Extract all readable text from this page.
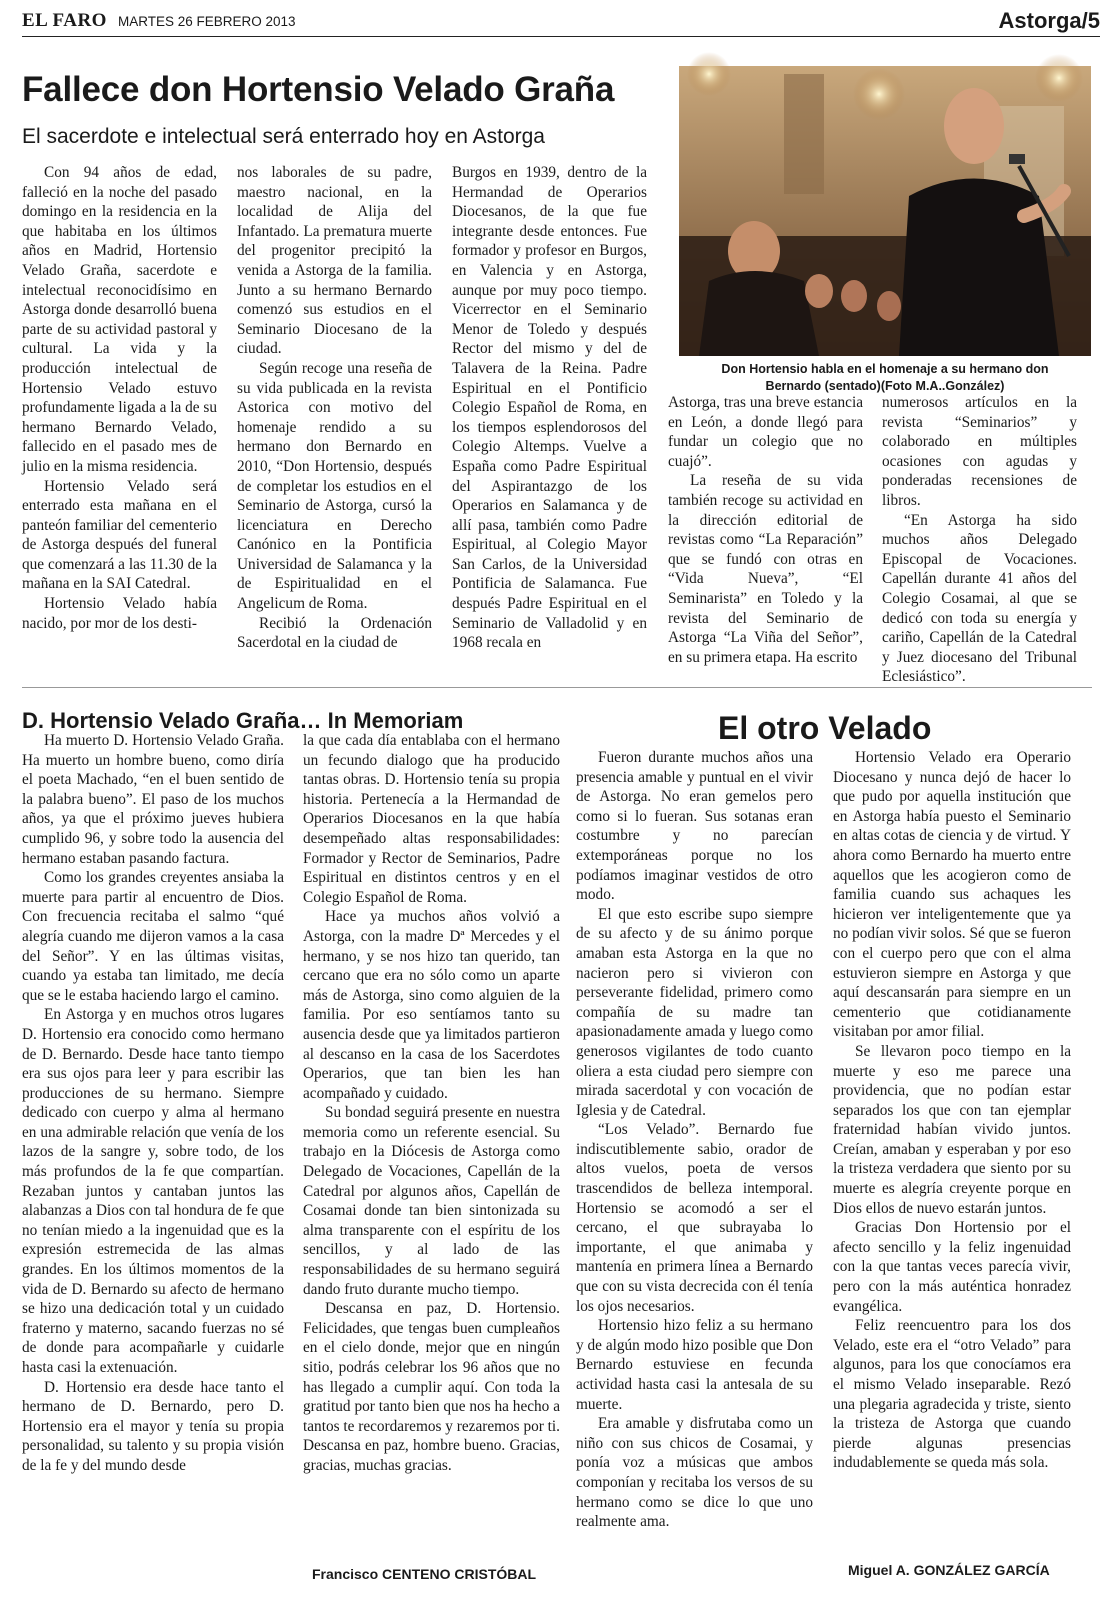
EL FARO MARTES 26 FEBRERO 2013	Astorga/5
Fallece don Hortensio Velado Graña
El sacerdote e intelectual será enterrado hoy en Astorga

Con 94 años de edad, falleció en la noche del pasado domingo en la residencia en la que habitaba en los últimos años en Madrid, Hortensio Velado Graña, sacerdote e intelectual reconocidísimo en Astorga donde desarrolló buena parte de su actividad pastoral y cultural. La vida y la producción intelectual de Hortensio Velado estuvo profundamente ligada a la de su hermano Bernardo Velado, fallecido en el pasado mes de julio en la misma residencia.

Hortensio Velado será enterrado esta mañana en el panteón familiar del cementerio de Astorga después del funeral que comenzará a las 11.30 de la mañana en la SAI Catedral.

Hortensio Velado había nacido, por mor de los desti-

nos laborales de su padre, maestro nacional, en la localidad de Alija del Infantado. La prematura muerte del progenitor precipitó la venida a Astorga de la familia. Junto a su hermano Bernardo comenzó sus estudios en el Seminario Diocesano de la ciudad.

Según recoge una reseña de su vida publicada en la revista Astorica con motivo del homenaje rendido a su hermano don Bernardo en 2010, “Don Hortensio, después de completar los estudios en el Seminario de Astorga, cursó la licenciatura en Derecho Canónico en la Pontificia Universidad de Salamanca y la de Espiritualidad en el Angelicum de Roma.

Recibió la Ordenación Sacerdotal en la ciudad de

Burgos en 1939, dentro de la Hermandad de Operarios Diocesanos, de la que fue integrante desde entonces. Fue formador y profesor en Burgos, en Valencia y en Astorga, aunque por muy poco tiempo. Vicerrector en el Seminario Menor de Toledo y después Rector del mismo y del de Talavera de la Reina. Padre Espiritual en el Pontificio Colegio Español de Roma, en los tiempos esplendorosos del Colegio Altemps. Vuelve a España como Padre Espiritual del Aspirantazgo de los Operarios en Salamanca y de allí pasa, también como Padre Espiritual, al Colegio Mayor San Carlos, de la Universidad Pontificia de Salamanca. Fue después Padre Espiritual en el Seminario de Valladolid y en 1968 recala en

Don Hortensio habla en el homenaje a su hermano don
Bernardo (sentado)(Foto M.A..González)

Astorga, tras una breve estancia en León, a donde llegó para fundar un colegio que no cuajó”.

La reseña de su vida también recoge su actividad en la dirección editorial de revistas como “La Reparación” que se fundó con otras en “Vida Nueva”, “El Seminarista” en Toledo y la revista del Seminario de Astorga “La Viña del Señor”, en su primera etapa. Ha escrito

numerosos artículos en la revista “Seminarios” y colaborado en múltiples ocasiones con agudas y ponderadas recensiones de libros.

“En Astorga ha sido muchos años Delegado Episcopal de Vocaciones. Capellán durante 41 años del Colegio Cosamai, al que se dedicó con toda su energía y cariño, Capellán de la Catedral y Juez diocesano del Tribunal Eclesiástico”.

D. Hortensio Velado Graña… In Memoriam

Ha muerto D. Hortensio Velado Graña. Ha muerto un hombre bueno, como diría el poeta Machado, “en el buen sentido de la palabra bueno”. El paso de los muchos años, ya que el próximo jueves hubiera cumplido 96, y sobre todo la ausencia del hermano estaban pasando factura.

Como los grandes creyentes ansiaba la muerte para partir al encuentro de Dios. Con frecuencia recitaba el salmo “qué alegría cuando me dijeron vamos a la casa del Señor”. Y en las últimas visitas, cuando ya estaba tan limitado, me decía que se le estaba haciendo largo el camino.

En Astorga y en muchos otros lugares D. Hortensio era conocido como hermano de D. Bernardo. Desde hace tanto tiempo era sus ojos para leer y para escribir las producciones de su hermano. Siempre dedicado con cuerpo y alma al hermano en una admirable relación que venía de los lazos de la sangre y, sobre todo, de los más profundos de la fe que compartían. Rezaban juntos y cantaban juntos las alabanzas a Dios con tal hondura de fe que no tenían miedo a la ingenuidad que es la expresión estremecida de las almas grandes. En los últimos momentos de la vida de D. Bernardo su afecto de hermano se hizo una dedicación total y un cuidado fraterno y materno, sacando fuerzas no sé de donde para acompañarle y cuidarle hasta casi la extenuación.

D. Hortensio era desde hace tanto el hermano de D. Bernardo, pero D. Hortensio era el mayor y tenía su propia personalidad, su talento y su propia visión de la fe y del mundo desde

la que cada día entablaba con el hermano un fecundo dialogo que ha producido tantas obras. D. Hortensio tenía su propia historia. Pertenecía a la Hermandad de Operarios Diocesanos en la que había desempeñado altas responsabilidades: Formador y Rector de Seminarios, Padre Espiritual en distintos centros y en el Colegio Español de Roma.

Hace ya muchos años volvió a Astorga, con la madre Dª Mercedes y el hermano, y se nos hizo tan querido, tan cercano que era no sólo como un aparte más de Astorga, sino como alguien de la familia. Por eso sentíamos tanto su ausencia desde que ya limitados partieron al descanso en la casa de los Sacerdotes Operarios, que tan bien les han acompañado y cuidado.

Su bondad seguirá presente en nuestra memoria como un referente esencial. Su trabajo en la Diócesis de Astorga como Delegado de Vocaciones, Capellán de la Catedral por algunos años, Capellán de Cosamai donde tan bien sintonizada su alma transparente con el espíritu de los sencillos, y al lado de las responsabilidades de su hermano seguirá dando fruto durante mucho tiempo.

Descansa en paz, D. Hortensio. Felicidades, que tengas buen cumpleaños en el cielo donde, mejor que en ningún sitio, podrás celebrar los 96 años que no has llegado a cumplir aquí. Con toda la gratitud por tanto bien que nos ha hecho a tantos te recordaremos y rezaremos por ti. Descansa en paz, hombre bueno. Gracias, gracias, muchas gracias.

Francisco CENTENO CRISTÓBAL
El otro Velado

Fueron durante muchos años una presencia amable y puntual en el vivir de Astorga. No eran gemelos pero como si lo fueran. Sus sotanas eran costumbre y no parecían extemporáneas porque no los podíamos imaginar vestidos de otro modo.

El que esto escribe supo siempre de su afecto y de su ánimo porque amaban esta Astorga en la que no nacieron pero si vivieron con perseverante fidelidad, primero como compañía de su madre tan apasionadamente amada y luego como generosos vigilantes de todo cuanto oliera a esta ciudad pero siempre con mirada sacerdotal y con vocación de Iglesia y de Catedral.

“Los Velado”. Bernardo fue indiscutiblemente sabio, orador de altos vuelos, poeta de versos trascendidos de belleza intemporal. Hortensio se acomodó a ser el cercano, el que subrayaba lo importante, el que animaba y mantenía en primera línea a Bernardo que con su vista decrecida con él tenía los ojos necesarios.

Hortensio hizo feliz a su hermano y de algún modo hizo posible que Don Bernardo estuviese en fecunda actividad hasta casi la antesala de su muerte.

Era amable y disfrutaba como un niño con sus chicos de Cosamai, y ponía voz a músicas que ambos componían y recitaba los versos de su hermano como se dice lo que uno realmente ama.

Hortensio Velado era Operario Diocesano y nunca dejó de hacer lo que pudo por aquella institución que en Astorga había puesto el Seminario en altas cotas de ciencia y de virtud. Y ahora como Bernardo ha muerto entre aquellos que les acogieron como de familia cuando sus achaques les hicieron ver inteligentemente que ya no podían vivir solos. Sé que se fueron con el cuerpo pero que con el alma estuvieron siempre en Astorga y que aquí descansarán para siempre en un cementerio que cotidianamente visitaban por amor filial.

Se llevaron poco tiempo en la muerte y eso me parece una providencia, que no podían estar separados los que con tan ejemplar fraternidad habían vivido juntos. Creían, amaban y esperaban y por eso la tristeza verdadera que siento por su muerte es alegría creyente porque en Dios ellos de nuevo estarán juntos.

Gracias Don Hortensio por el afecto sencillo y la feliz ingenuidad con la que tantas veces parecía vivir, pero con la más auténtica honradez evangélica.

Feliz reencuentro para los dos Velado, este era el “otro Velado” para algunos, para los que conocíamos era el mismo Velado inseparable. Rezó una plegaria agradecida y triste, siento la tristeza de Astorga que cuando pierde algunas presencias indudablemente se queda más sola.

Miguel A. GONZÁLEZ GARCÍA
